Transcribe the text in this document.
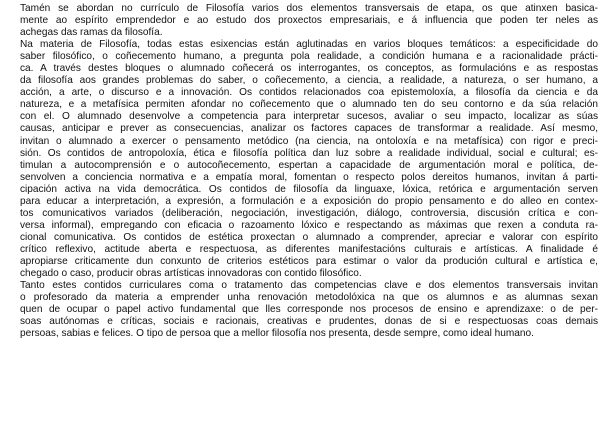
Tamén se abordan no currículo de Filosofía varios dos elementos transversais de etapa, os que atinxen basica-
mente ao espírito emprendedor e ao estudo dos proxectos empresariais, e á influencia que poden ter neles as
achegas das ramas da filosofía.
Na materia de Filosofía, todas estas esixencias están aglutinadas en varios bloques temáticos: a especificidade do
saber filosófico, o coñecemento humano, a pregunta pola realidade, a condición humana e a racionalidade prácti-
ca. A través destes bloques o alumnado coñecerá os interrogantes, os conceptos, as formulacións e as respostas
da filosofía aos grandes problemas do saber, o coñecemento, a ciencia, a realidade, a natureza, o ser humano, a
acción, a arte, o discurso e a innovación. Os contidos relacionados coa epistemoloxía, a filosofía da ciencia e da
natureza, e a metafísica permiten afondar no coñecemento que o alumnado ten do seu contorno e da súa relación
con el. O alumnado desenvolve a competencia para interpretar sucesos, avaliar o seu impacto, localizar as súas
causas, anticipar e prever as consecuencias, analizar os factores capaces de transformar a realidade. Así mesmo,
invitan o alumnado a exercer o pensamento metódico (na ciencia, na ontoloxía e na metafísica) con rigor e preci-
sión. Os contidos de antropoloxía, ética e filosofía política dan luz sobre a realidade individual, social e cultural; es-
timulan a autocomprensión e o autocoñecemento, espertan a capacidade de argumentación moral e política, de-
senvolven a conciencia normativa e a empatía moral, fomentan o respecto polos dereitos humanos, invitan á parti-
cipación activa na vida democrática. Os contidos de filosofía da linguaxe, lóxica, retórica e argumentación serven
para educar a interpretación, a expresión, a formulación e a exposición do propio pensamento e do alleo en contex-
tos comunicativos variados (deliberación, negociación, investigación, diálogo, controversia, discusión crítica e con-
versa informal), empregando con eficacia o razoamento lóxico e respectando as máximas que rexen a conduta ra-
cional comunicativa. Os contidos de estética proxectan o alumnado a comprender, apreciar e valorar con espírito
crítico reflexivo, actitude aberta e respectuosa, as diferentes manifestacións culturais e artísticas. A finalidade é
apropiarse criticamente dun conxunto de criterios estéticos para estimar o valor da produción cultural e artística e,
chegado o caso, producir obras artísticas innovadoras con contido filosófico.
Tanto estes contidos curriculares coma o tratamento das competencias clave e dos elementos transversais invitan
o profesorado da materia a emprender unha renovación metodolóxica na que os alumnos e as alumnas sexan
quen de ocupar o papel activo fundamental que lles corresponde nos procesos de ensino e aprendizaxe: o de per-
soas autónomas e críticas, sociais e racionais, creativas e prudentes, donas de si e respectuosas coas demais
persoas, sabias e felices. O tipo de persoa que a mellor filosofía nos presenta, desde sempre, como ideal humano.
